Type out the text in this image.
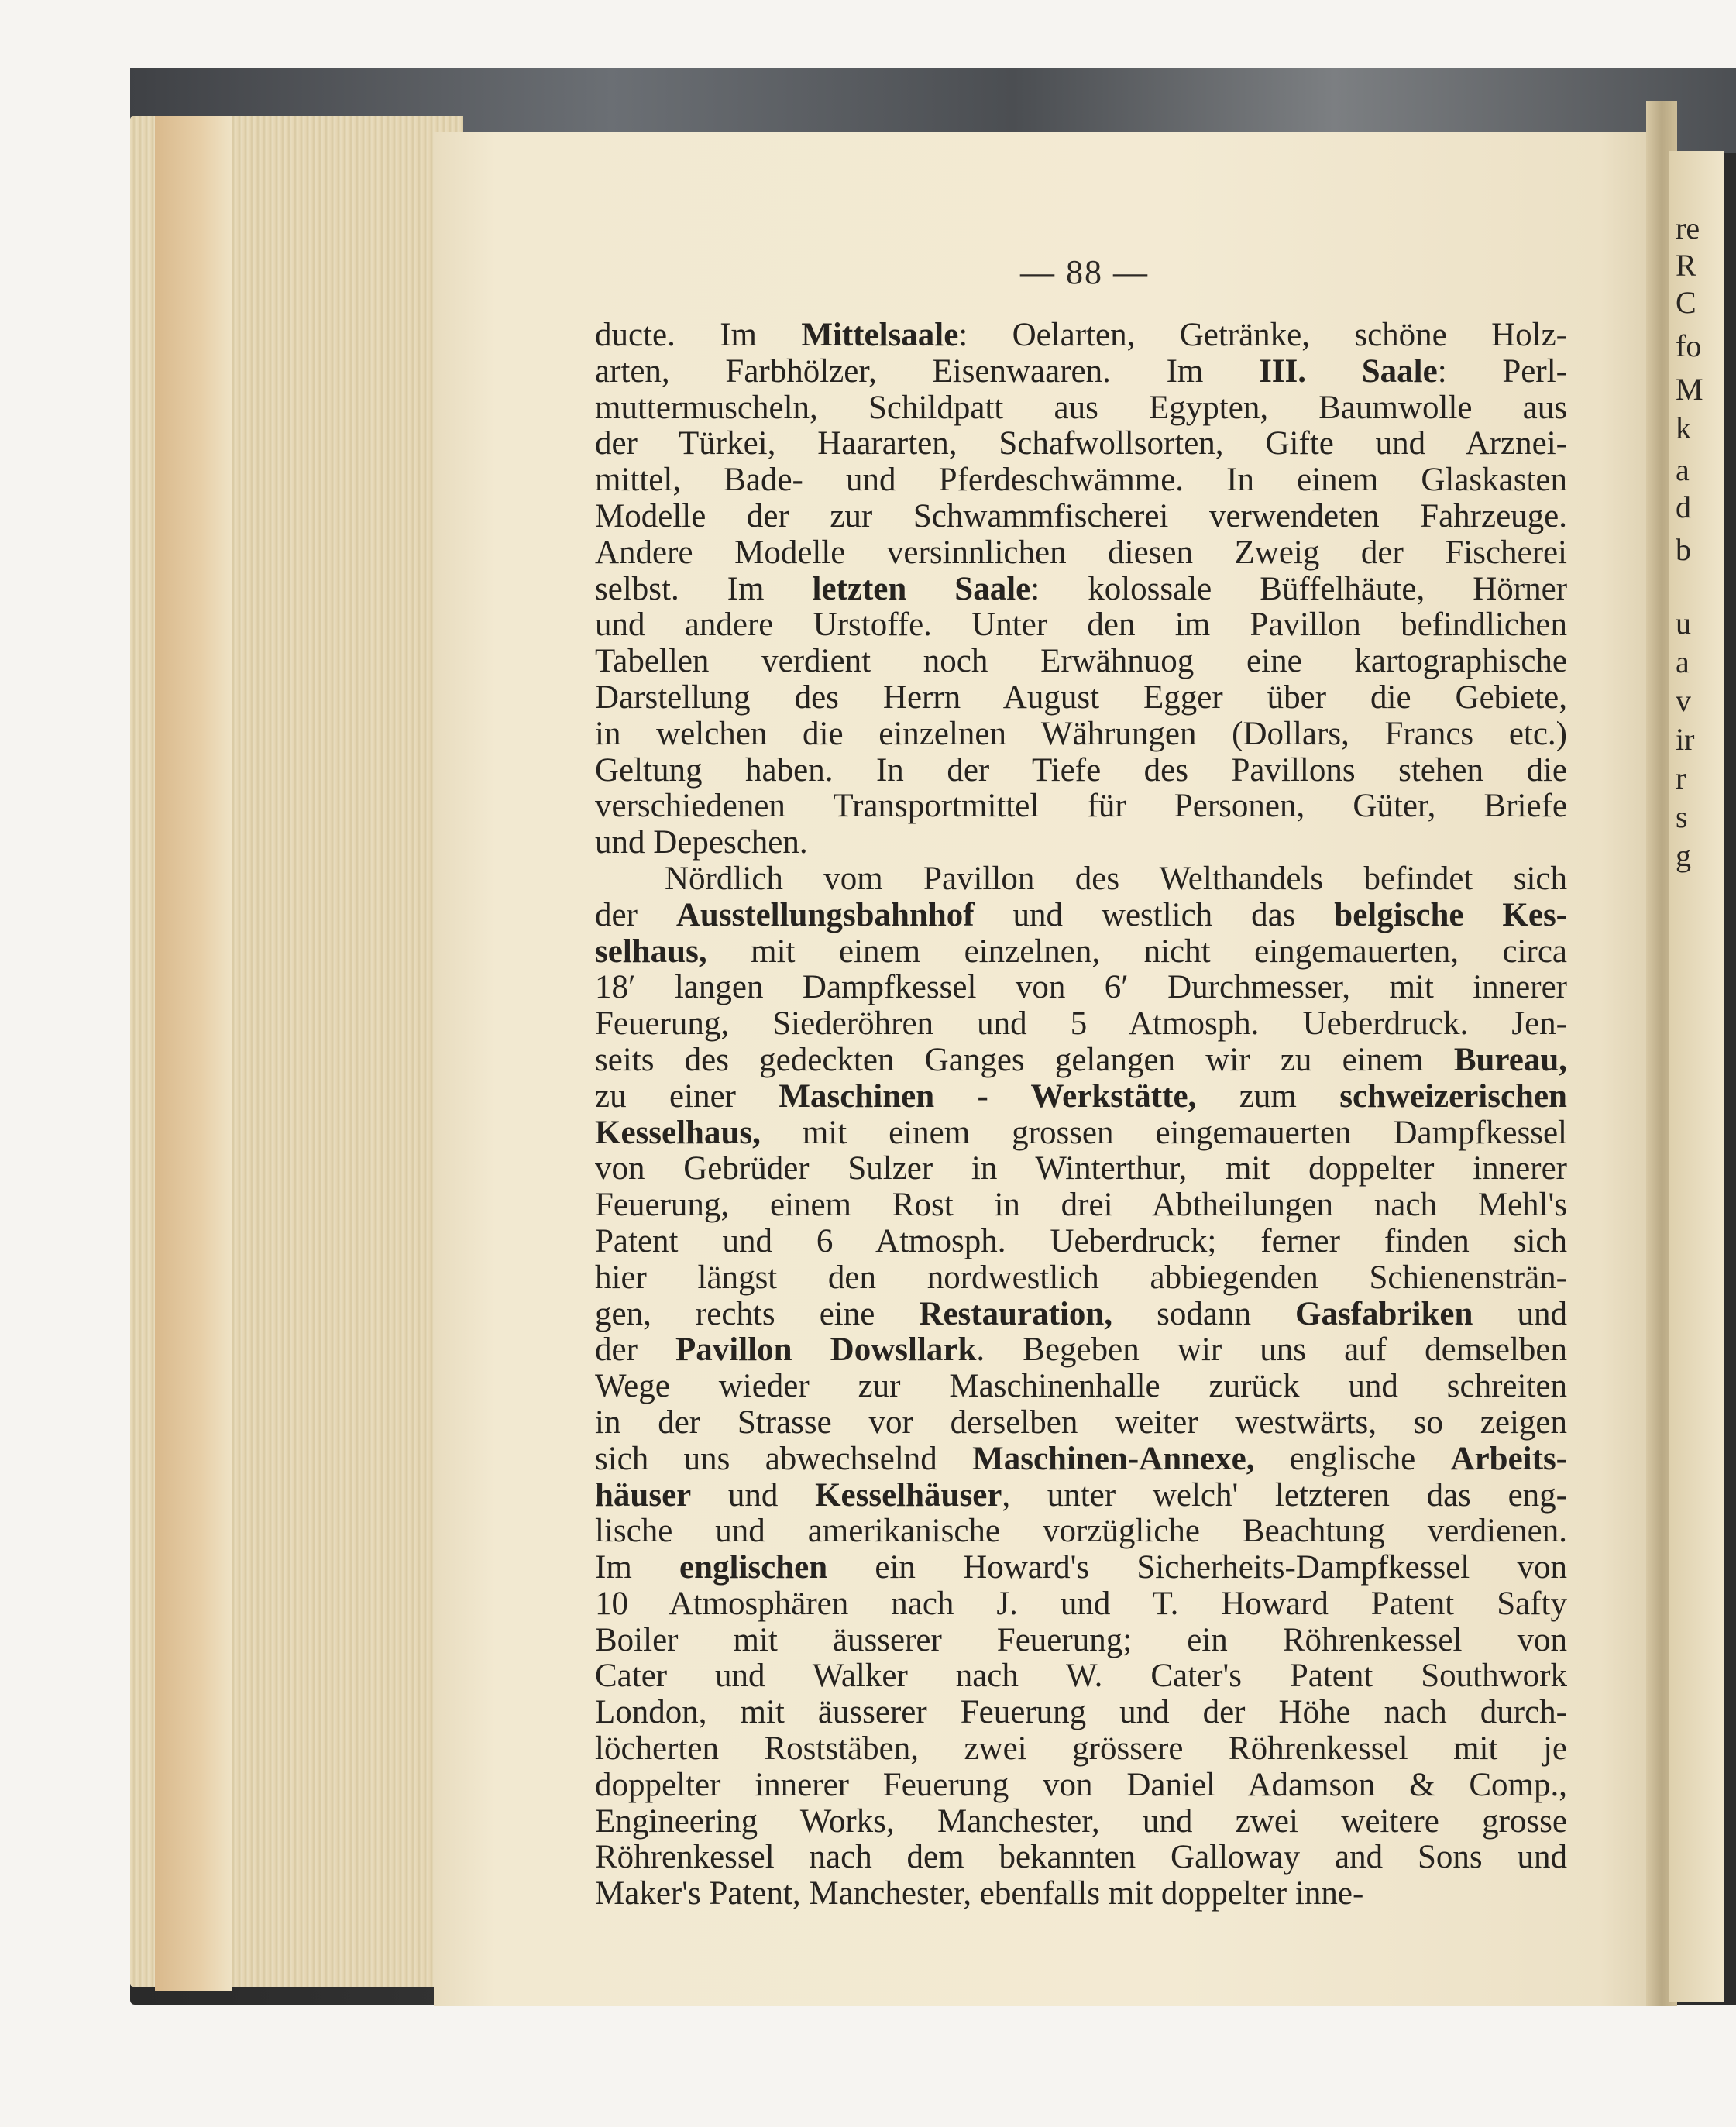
re
R
C
fo
M
k
a
d
b
u
a
v
ir
r
s
g
— 88 —
ducte. Im Mittelsaale: Oelarten, Getränke, schöne Holz-
arten, Farbhölzer, Eisenwaaren. Im III. Saale: Perl-
muttermuscheln, Schildpatt aus Egypten, Baumwolle aus
der Türkei, Haararten, Schafwollsorten, Gifte und Arznei-
mittel, Bade- und Pferdeschwämme. In einem Glaskasten
Modelle der zur Schwammfischerei verwendeten Fahrzeuge.
Andere Modelle versinnlichen diesen Zweig der Fischerei
selbst. Im letzten Saale: kolossale Büffelhäute, Hörner
und andere Urstoffe. Unter den im Pavillon befindlichen
Tabellen verdient noch Erwähnuog eine kartographische
Darstellung des Herrn August Egger über die Gebiete,
in welchen die einzelnen Währungen (Dollars, Francs etc.)
Geltung haben. In der Tiefe des Pavillons stehen die
verschiedenen Transportmittel für Personen, Güter, Briefe
und Depeschen.
Nördlich vom Pavillon des Welthandels befindet sich
der Ausstellungsbahnhof und westlich das belgische Kes-
selhaus, mit einem einzelnen, nicht eingemauerten, circa
18′ langen Dampfkessel von 6′ Durchmesser, mit innerer
Feuerung, Siederöhren und 5 Atmosph. Ueberdruck. Jen-
seits des gedeckten Ganges gelangen wir zu einem Bureau,
zu einer Maschinen - Werkstätte, zum schweizerischen
Kesselhaus, mit einem grossen eingemauerten Dampfkessel
von Gebrüder Sulzer in Winterthur, mit doppelter innerer
Feuerung, einem Rost in drei Abtheilungen nach Mehl's
Patent und 6 Atmosph. Ueberdruck; ferner finden sich
hier längst den nordwestlich abbiegenden Schienensträn-
gen, rechts eine Restauration, sodann Gasfabriken und
der Pavillon Dowsllark. Begeben wir uns auf demselben
Wege wieder zur Maschinenhalle zurück und schreiten
in der Strasse vor derselben weiter westwärts, so zeigen
sich uns abwechselnd Maschinen-Annexe, englische Arbeits-
häuser und Kesselhäuser, unter welch' letzteren das eng-
lische und amerikanische vorzügliche Beachtung verdienen.
Im englischen ein Howard's Sicherheits-Dampfkessel von
10 Atmosphären nach J. und T. Howard Patent Safty
Boiler mit äusserer Feuerung; ein Röhrenkessel von
Cater und Walker nach W. Cater's Patent Southwork
London, mit äusserer Feuerung und der Höhe nach durch-
löcherten Roststäben, zwei grössere Röhrenkessel mit je
doppelter innerer Feuerung von Daniel Adamson & Comp.,
Engineering Works, Manchester, und zwei weitere grosse
Röhrenkessel nach dem bekannten Galloway and Sons und
Maker's Patent, Manchester, ebenfalls mit doppelter inne-
